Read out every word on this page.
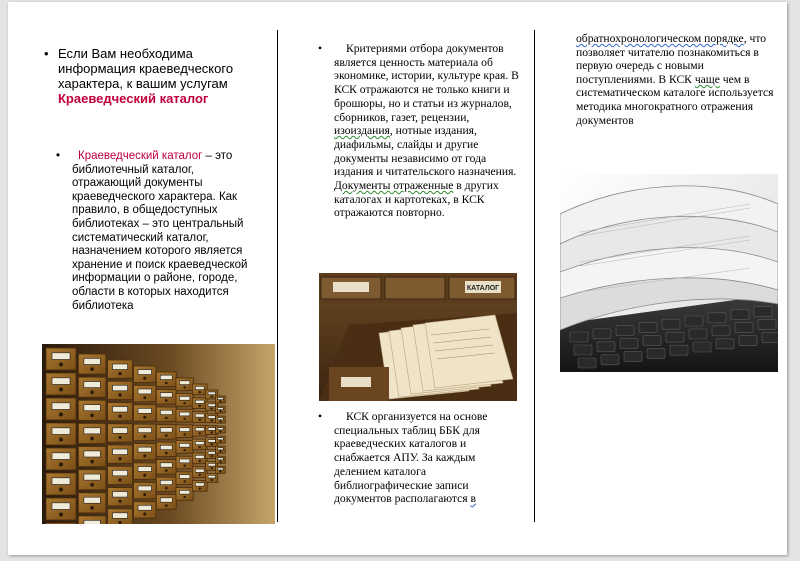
• Если Вам необходима информация краеведческого характера, к вашим услугам Краеведческий каталог
• Краеведческий каталог – это библиотечный каталог, отражающий документы краеведческого характера. Как правило, в общедоступных библиотеках – это центральный систематический каталог, назначением которого является хранение и поиск краеведческой информации о районе, городе, области в которых находится библиотека
• Критериями отбора документов является ценность материала об экономике, истории, культуре края. В КСК отражаются не только книги и брошюры, но и статьи из журналов, сборников, газет, рецензии, изоиздания, нотные издания, диафильмы, слайды и другие документы независимо от года издания и читательского назначения. Документы отраженные в других каталогах и картотеках, в КСК отражаются повторно.
КАТАЛОГ
• КСК организуется на основе специальных таблиц ББК для краеведческих каталогов и снабжается АПУ. За каждым делением каталога библиографические записи документов располагаются в
обратнохронологическом порядке, что позволяет читателю познакомиться в первую очередь с новыми поступлениями. В КСК чаще чем в систематическом каталоге используется методика многократного отражения документов
